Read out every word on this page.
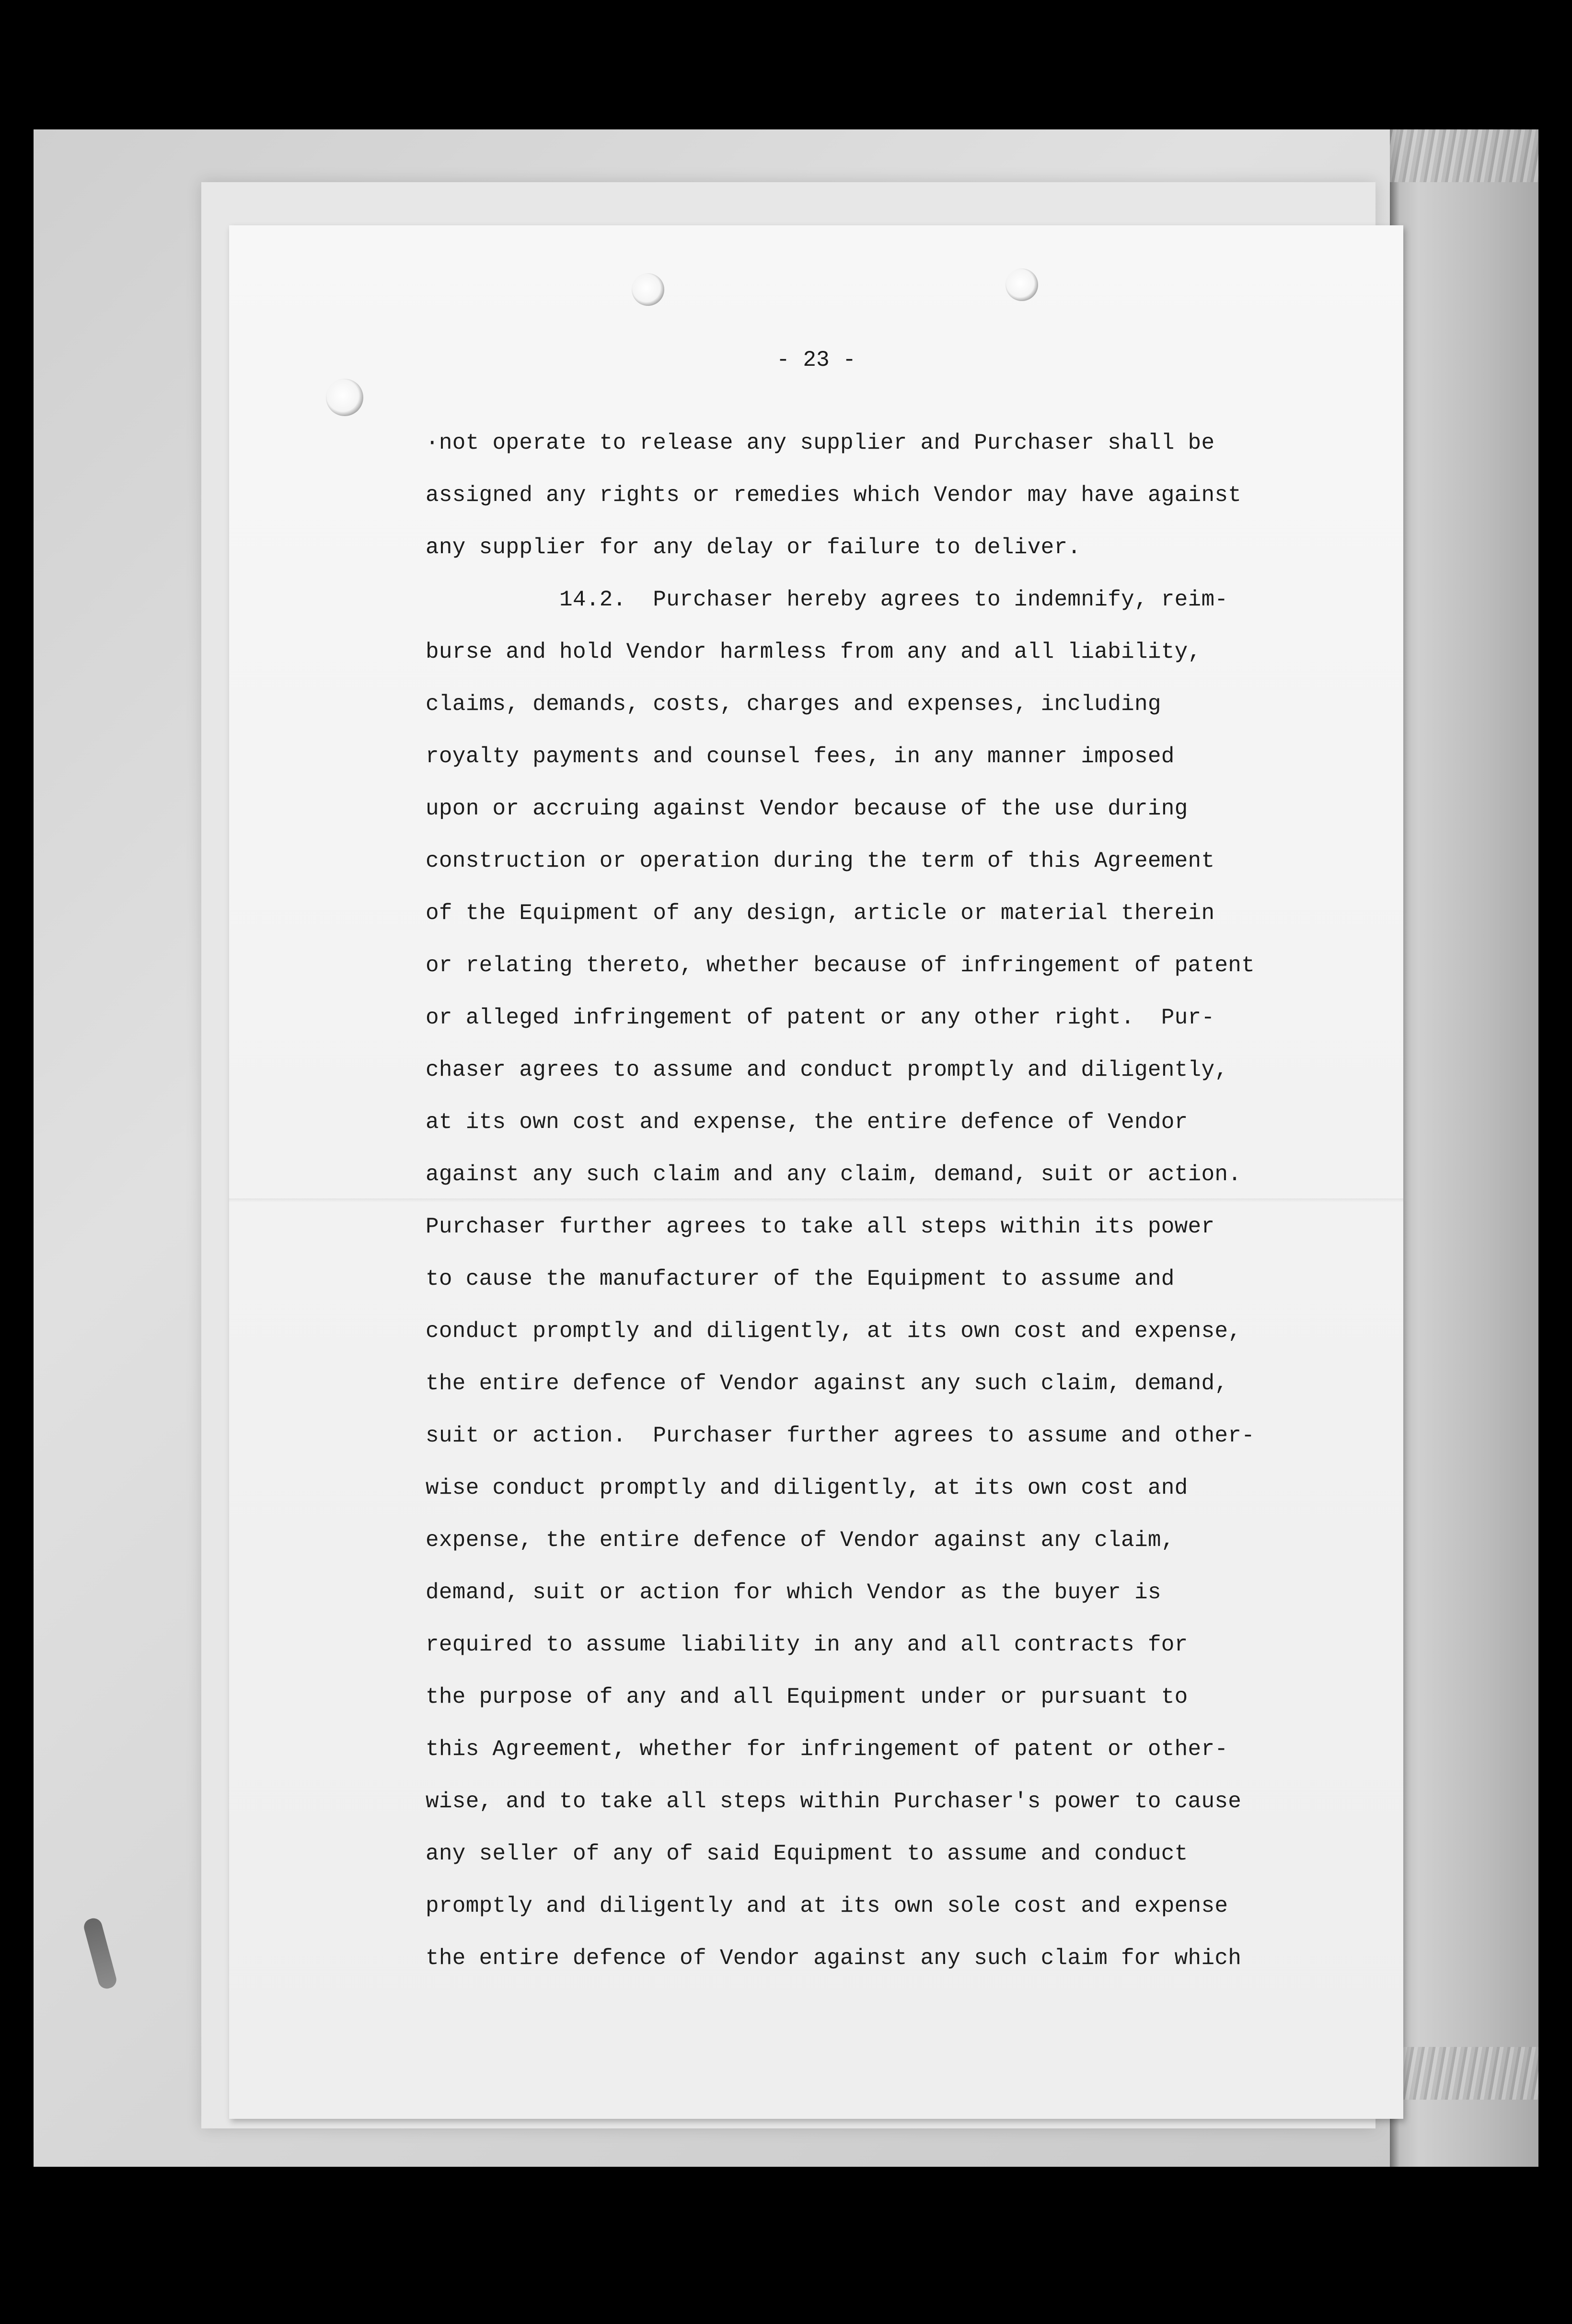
- 23 -
·not operate to release any supplier and Purchaser shall be
assigned any rights or remedies which Vendor may have against
any supplier for any delay or failure to deliver.
14.2.  Purchaser hereby agrees to indemnify, reim-
burse and hold Vendor harmless from any and all liability,
claims, demands, costs, charges and expenses, including
royalty payments and counsel fees, in any manner imposed
upon or accruing against Vendor because of the use during
construction or operation during the term of this Agreement
of the Equipment of any design, article or material therein
or relating thereto, whether because of infringement of patent
or alleged infringement of patent or any other right.  Pur-
chaser agrees to assume and conduct promptly and diligently,
at its own cost and expense, the entire defence of Vendor
against any such claim and any claim, demand, suit or action.
Purchaser further agrees to take all steps within its power
to cause the manufacturer of the Equipment to assume and
conduct promptly and diligently, at its own cost and expense,
the entire defence of Vendor against any such claim, demand,
suit or action.  Purchaser further agrees to assume and other-
wise conduct promptly and diligently, at its own cost and
expense, the entire defence of Vendor against any claim,
demand, suit or action for which Vendor as the buyer is
required to assume liability in any and all contracts for
the purpose of any and all Equipment under or pursuant to
this Agreement, whether for infringement of patent or other-
wise, and to take all steps within Purchaser's power to cause
any seller of any of said Equipment to assume and conduct
promptly and diligently and at its own sole cost and expense
the entire defence of Vendor against any such claim for which
